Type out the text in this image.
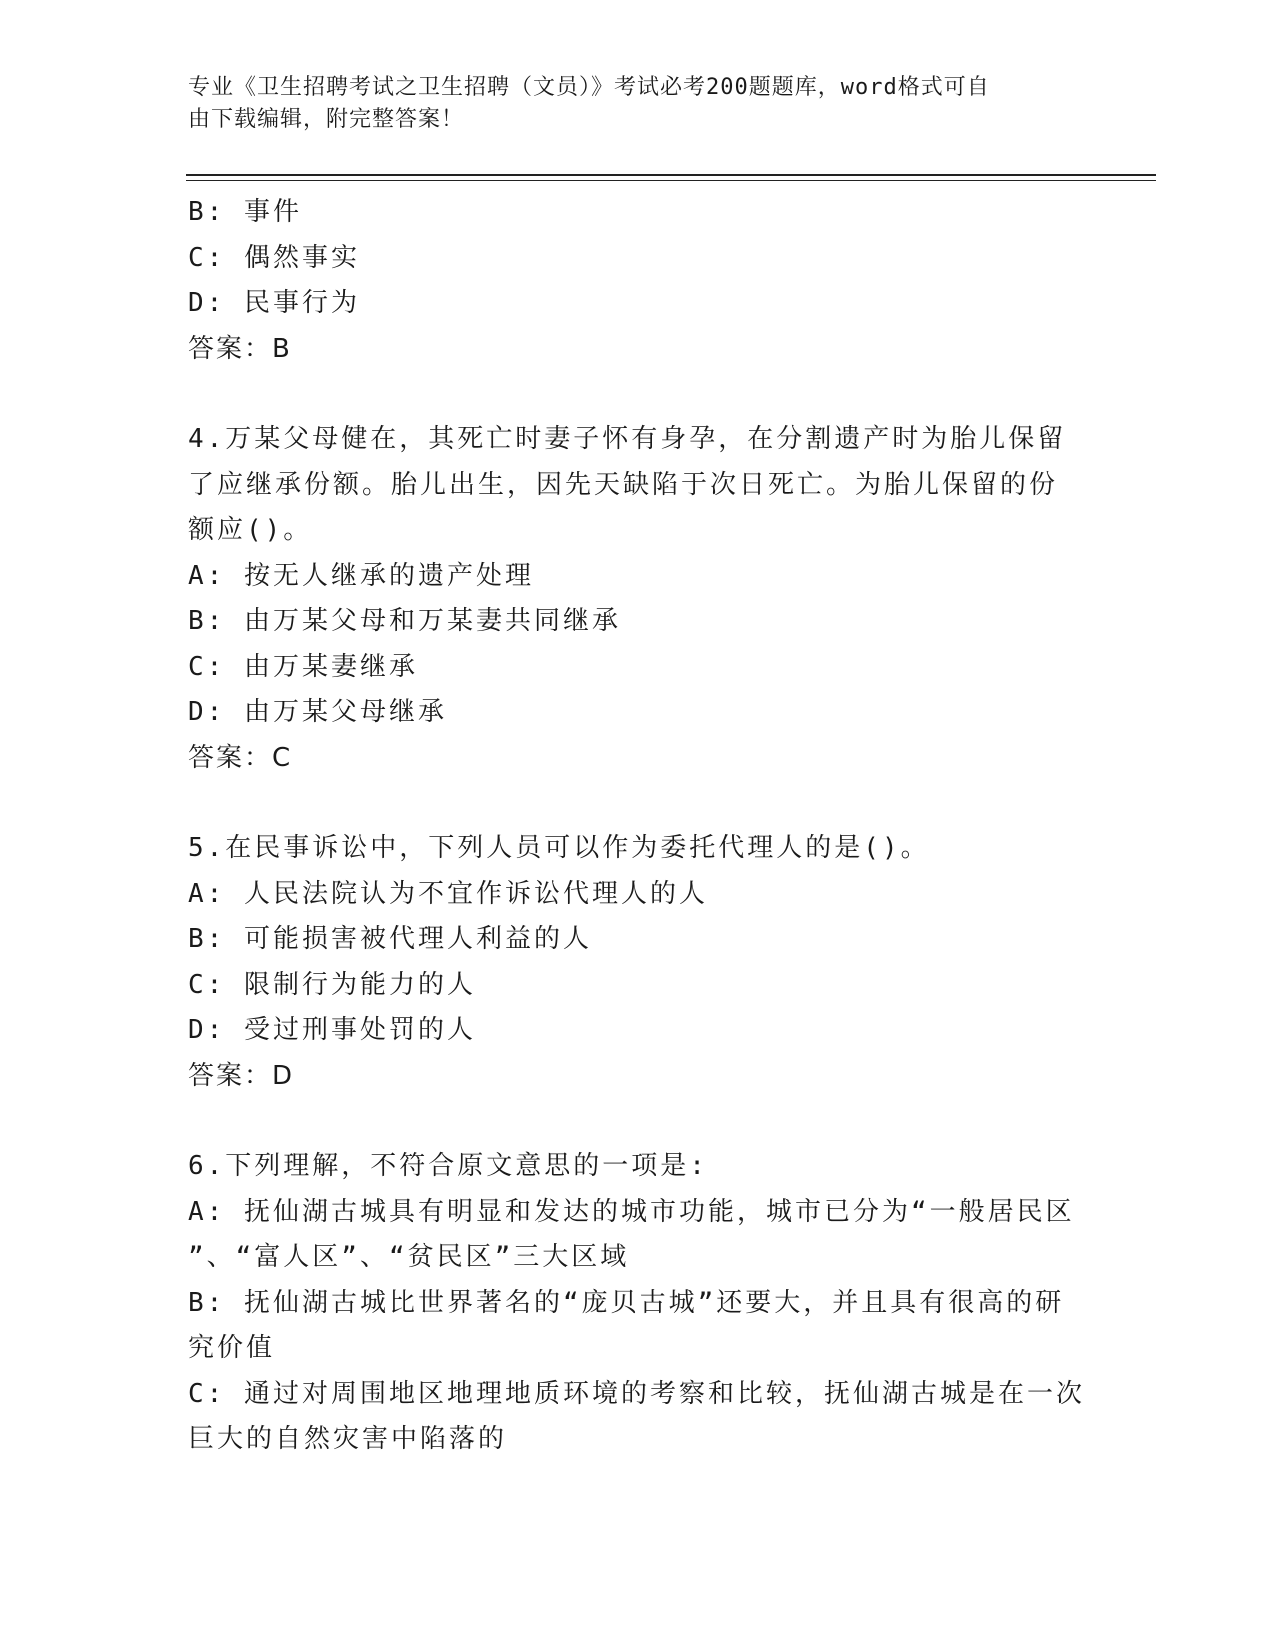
专业《卫生招聘考试之卫生招聘（文员）》考试必考200题题库，word格式可自
由下载编辑，附完整答案！

B: 事件

C: 偶然事实

D: 民事行为

答案：B

4.万某父母健在，其死亡时妻子怀有身孕，在分割遗产时为胎儿保留

了应继承份额。胎儿出生，因先天缺陷于次日死亡。为胎儿保留的份

额应()。

A: 按无人继承的遗产处理

B: 由万某父母和万某妻共同继承

C: 由万某妻继承

D: 由万某父母继承

答案：C

5.在民事诉讼中，下列人员可以作为委托代理人的是()。

A: 人民法院认为不宜作诉讼代理人的人

B: 可能损害被代理人利益的人

C: 限制行为能力的人

D: 受过刑事处罚的人

答案：D

6.下列理解，不符合原文意思的一项是:

A: 抚仙湖古城具有明显和发达的城市功能，城市已分为“一般居民区

”、“富人区”、“贫民区”三大区域

B: 抚仙湖古城比世界著名的“庞贝古城”还要大，并且具有很高的研

究价值

C: 通过对周围地区地理地质环境的考察和比较，抚仙湖古城是在一次

巨大的自然灾害中陷落的
